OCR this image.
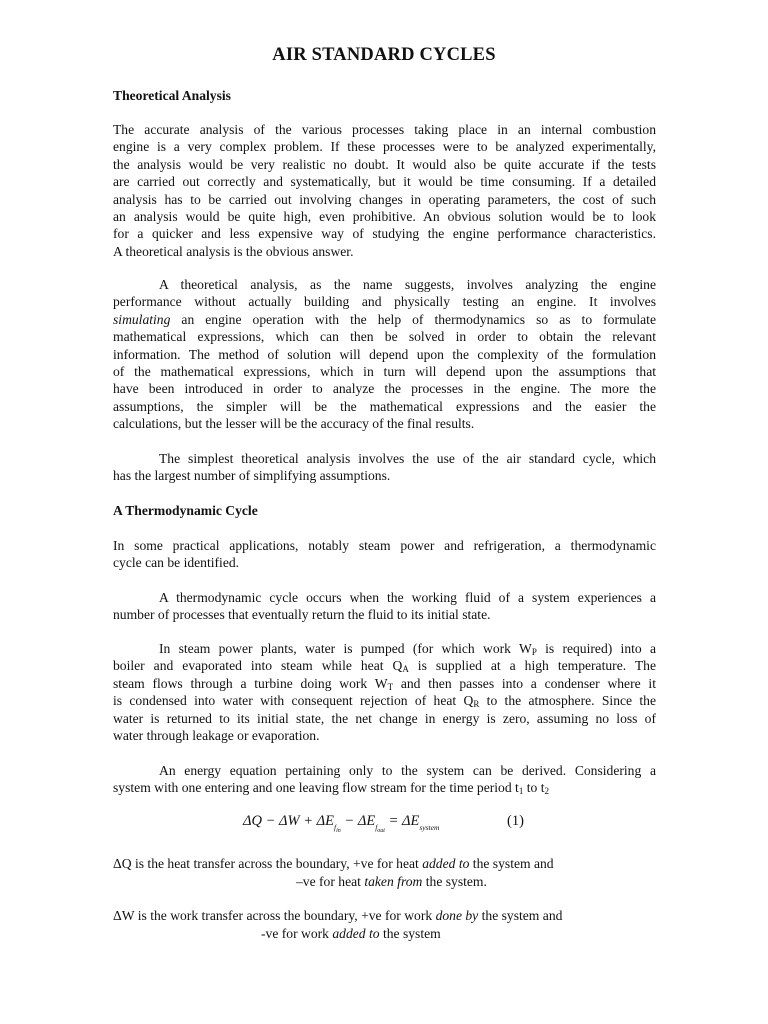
AIR STANDARD CYCLES
Theoretical Analysis
The accurate analysis of the various processes taking place in an internal combustion
engine is a very complex problem. If these processes were to be analyzed experimentally,
the analysis would be very realistic no doubt. It would also be quite accurate if the tests
are carried out correctly and systematically, but it would be time consuming. If a detailed
analysis has to be carried out involving changes in operating parameters, the cost of such
an analysis would be quite high, even prohibitive. An obvious solution would be to look
for a quicker and less expensive way of studying the engine performance characteristics.
A theoretical analysis is the obvious answer.
A theoretical analysis, as the name suggests, involves analyzing the engine
performance without actually building and physically testing an engine. It involves
simulating an engine operation with the help of thermodynamics so as to formulate
mathematical expressions, which can then be solved in order to obtain the relevant
information. The method of solution will depend upon the complexity of the formulation
of the mathematical expressions, which in turn will depend upon the assumptions that
have been introduced in order to analyze the processes in the engine. The more the
assumptions, the simpler will be the mathematical expressions and the easier the
calculations, but the lesser will be the accuracy of the final results.
The simplest theoretical analysis involves the use of the air standard cycle, which
has the largest number of simplifying assumptions.
A Thermodynamic Cycle
In some practical applications, notably steam power and refrigeration, a thermodynamic
cycle can be identified.
A thermodynamic cycle occurs when the working fluid of a system experiences a
number of processes that eventually return the fluid to its initial state.
In steam power plants, water is pumped (for which work $W_P$ is required) into a
boiler and evaporated into steam while heat $Q_A$ is supplied at a high temperature. The
steam flows through a turbine doing work $W_T$ and then passes into a condenser where it
is condensed into water with consequent rejection of heat $Q_R$ to the atmosphere. Since the
water is returned to its initial state, the net change in energy is zero, assuming no loss of
water through leakage or evaporation.
An energy equation pertaining only to the system can be derived. Considering a
system with one entering and one leaving flow stream for the time period $t_1$ to $t_2$
$\Delta Q - \Delta W + \Delta E_{f_{in}} - \Delta E_{f_{out}} = \Delta E_{system}$	(1)
ΔQ is the heat transfer across the boundary, +ve for heat added to the system and
–ve for heat taken from the system.
ΔW is the work transfer across the boundary, +ve for work done by the system and
-ve for work added to the system
